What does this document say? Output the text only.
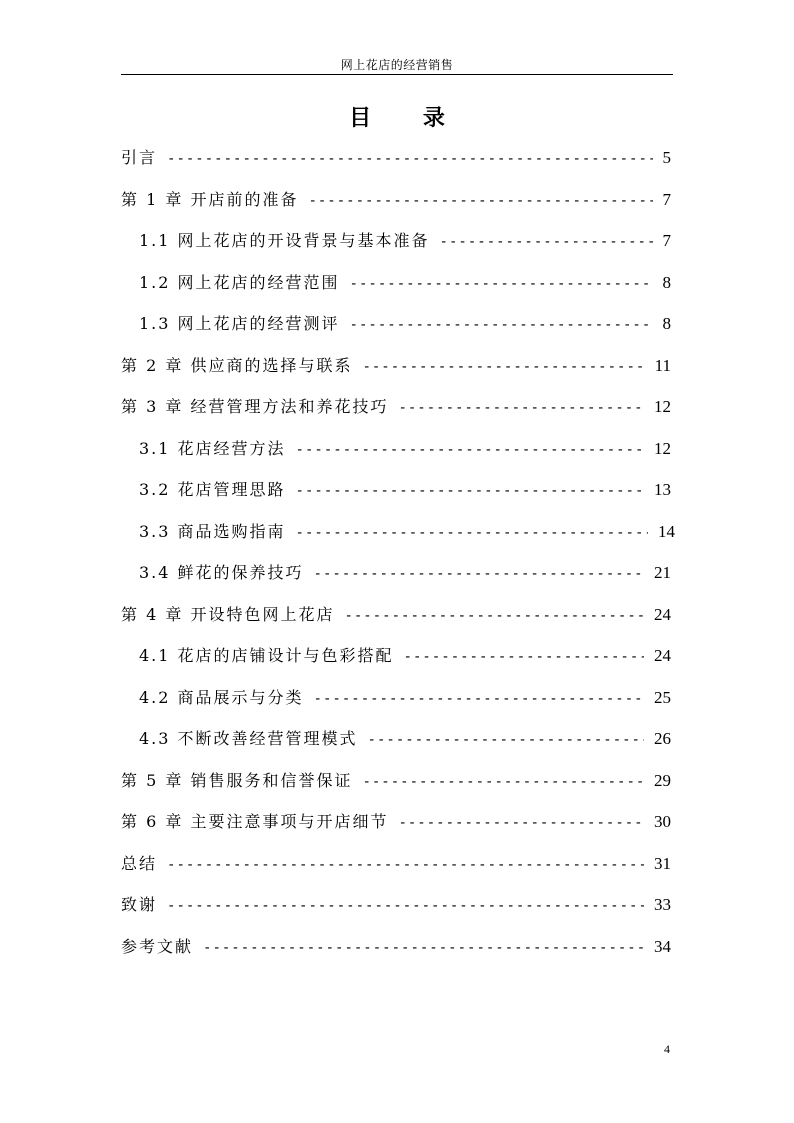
网上花店的经营销售
目 录
引言 -----	5
第 1 章 开店前的准备 -----	7
1.1 网上花店的开设背景与基本准备 -----	7
1.2 网上花店的经营范围 -----	8
1.3 网上花店的经营测评 -----	8
第 2 章 供应商的选择与联系 -----	11
第 3 章 经营管理方法和养花技巧 -----	12
3.1 花店经营方法 -----	12
3.2 花店管理思路 -----	13
3.3 商品选购指南 -----	14
3.4 鲜花的保养技巧 -----	21
第 4 章 开设特色网上花店 -----	24
4.1 花店的店铺设计与色彩搭配 -----	24
4.2 商品展示与分类 -----	25
4.3 不断改善经营管理模式 -----	26
第 5 章 销售服务和信誉保证 -----	29
第 6 章 主要注意事项与开店细节 -----	30
总结 -----	31
致谢 -----	33
参考文献 -----	34
4
